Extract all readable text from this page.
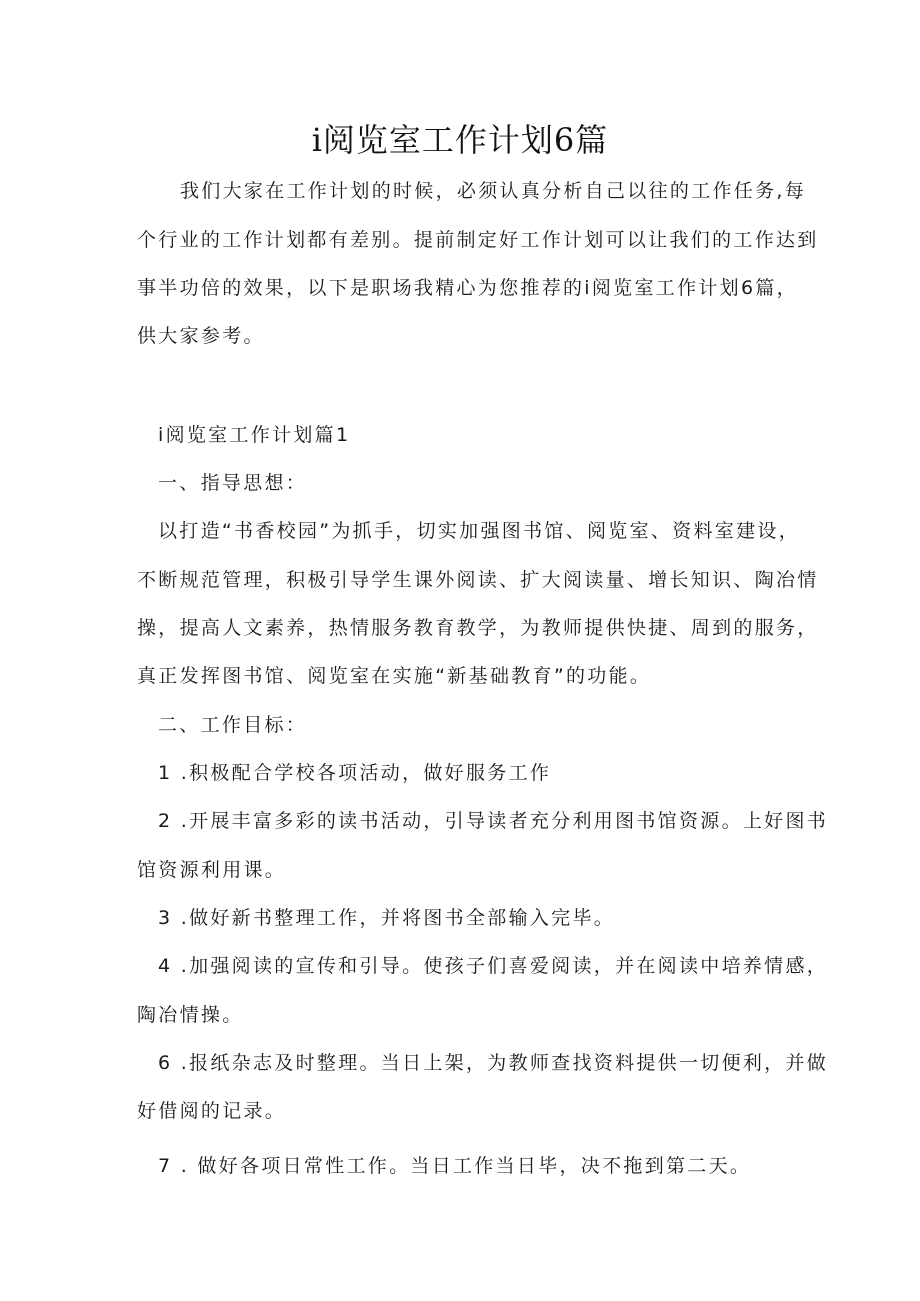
i阅览室工作计划6篇

我们大家在工作计划的时候，必须认真分析自己以往的工作任务,每

个行业的工作计划都有差别。提前制定好工作计划可以让我们的工作达到

事半功倍的效果，以下是职场我精心为您推荐的i阅览室工作计划6篇，

供大家参考。

i阅览室工作计划篇1

一、指导思想：

以打造“书香校园”为抓手，切实加强图书馆、阅览室、资料室建设，

不断规范管理，积极引导学生课外阅读、扩大阅读量、增长知识、陶冶情

操，提高人文素养，热情服务教育教学，为教师提供快捷、周到的服务，

真正发挥图书馆、阅览室在实施“新基础教育”的功能。

二、工作目标：

1 .积极配合学校各项活动，做好服务工作

2 .开展丰富多彩的读书活动，引导读者充分利用图书馆资源。上好图书

馆资源利用课。

3 .做好新书整理工作，并将图书全部输入完毕。

4 .加强阅读的宣传和引导。使孩子们喜爱阅读，并在阅读中培养情感，

陶冶情操。

6 .报纸杂志及时整理。当日上架，为教师查找资料提供一切便利，并做

好借阅的记录。

7 . 做好各项日常性工作。当日工作当日毕，决不拖到第二天。
